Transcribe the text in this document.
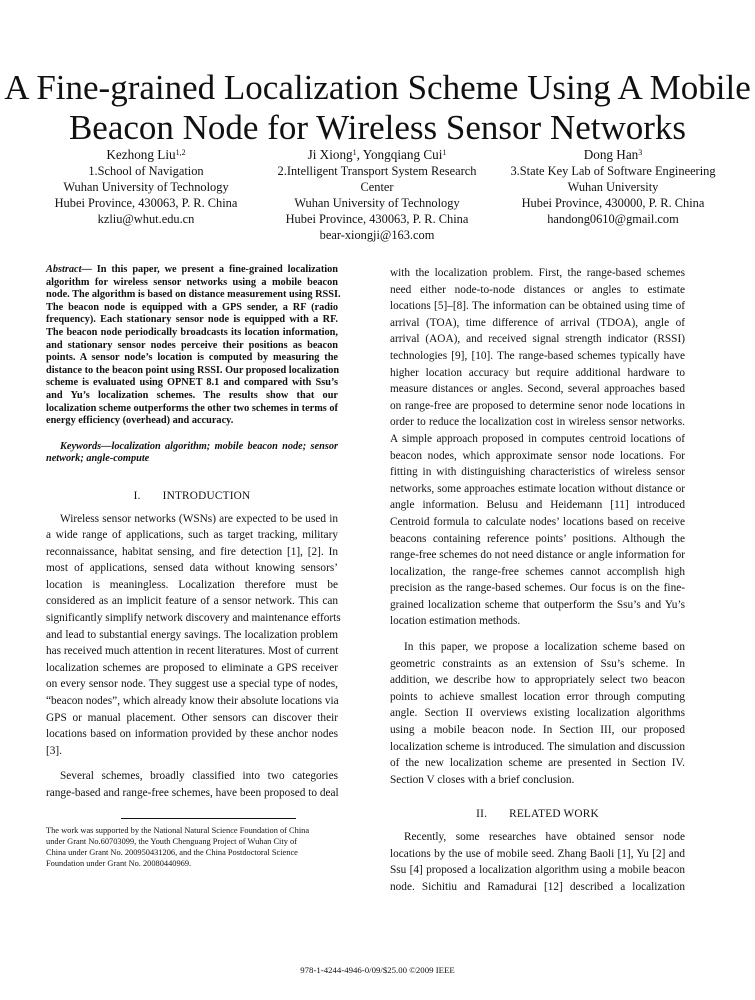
A Fine-grained Localization Scheme Using A Mobile
Beacon Node for Wireless Sensor Networks
Kezhong Liu$^{1,2}$
1.School of Navigation
Wuhan University of Technology
Hubei Province, 430063, P. R. China
kzliu@whut.edu.cn
Ji Xiong$^1$, Yongqiang Cui$^1$
2.Intelligent Transport System Research
Center
Wuhan University of Technology
Hubei Province, 430063, P. R. China
bear-xiongji@163.com
Dong Han$^3$
3.State Key Lab of Software Engineering
Wuhan University
Hubei Province, 430000, P. R. China
handong0610@gmail.com
Abstract— In this paper, we present a fine-grained localization
algorithm for wireless sensor networks using a mobile beacon
node. The algorithm is based on distance measurement using RSSI.
The beacon node is equipped with a GPS sender, a RF (radio
frequency). Each stationary sensor node is equipped with a RF.
The beacon node periodically broadcasts its location information,
and stationary sensor nodes perceive their positions as beacon
points. A sensor node’s location is computed by measuring the
distance to the beacon point using RSSI. Our proposed localization
scheme is evaluated using OPNET 8.1 and compared with Ssu’s
and Yu’s localization schemes. The results show that our
localization scheme outperforms the other two schemes in terms of
energy efficiency (overhead) and accuracy.
Keywords—localization algorithm; mobile beacon node; sensor
network; angle-compute
I. INTRODUCTION
Wireless sensor networks (WSNs) are expected to be used in
a wide range of applications, such as target tracking, military
reconnaissance, habitat sensing, and fire detection [1], [2]. In
most of applications, sensed data without knowing sensors’
location is meaningless. Localization therefore must be
considered as an implicit feature of a sensor network. This can
significantly simplify network discovery and maintenance efforts
and lead to substantial energy savings. The localization problem
has received much attention in recent literatures. Most of current
localization schemes are proposed to eliminate a GPS receiver
on every sensor node. They suggest use a special type of nodes,
“beacon nodes”, which already know their absolute locations via
GPS or manual placement. Other sensors can discover their
locations based on information provided by these anchor nodes
[3].
Several schemes, broadly classified into two categories
range-based and range-free schemes, have been proposed to deal
The work was supported by the National Natural Science Foundation of China
under Grant No.60703099, the Youth Chenguang Project of Wuhan City of
China under Grant No. 200950431206, and the China Postdoctoral Science
Foundation under Grant No. 20080440969.
with the localization problem. First, the range-based schemes
need either node-to-node distances or angles to estimate
locations [5]–[8]. The information can be obtained using time of
arrival (TOA), time difference of arrival (TDOA), angle of
arrival (AOA), and received signal strength indicator (RSSI)
technologies [9], [10]. The range-based schemes typically have
higher location accuracy but require additional hardware to
measure distances or angles. Second, several approaches based
on range-free are proposed to determine senor node locations in
order to reduce the localization cost in wireless sensor networks.
A simple approach proposed in computes centroid locations of
beacon nodes, which approximate sensor node locations. For
fitting in with distinguishing characteristics of wireless sensor
networks, some approaches estimate location without distance or
angle information. Belusu and Heidemann [11] introduced
Centroid formula to calculate nodes’ locations based on receive
beacons containing reference points’ positions. Although the
range-free schemes do not need distance or angle information for
localization, the range-free schemes cannot accomplish high
precision as the range-based schemes. Our focus is on the fine-
grained localization scheme that outperform the Ssu’s and Yu’s
location estimation methods.
In this paper, we propose a localization scheme based on
geometric constraints as an extension of Ssu’s scheme. In
addition, we describe how to appropriately select two beacon
points to achieve smallest location error through computing
angle. Section II overviews existing localization algorithms
using a mobile beacon node. In Section III, our proposed
localization scheme is introduced. The simulation and discussion
of the new localization scheme are presented in Section IV.
Section V closes with a brief conclusion.
II. RELATED WORK
Recently, some researches have obtained sensor node
locations by the use of mobile seed. Zhang Baoli [1], Yu [2] and
Ssu [4] proposed a localization algorithm using a mobile beacon
node. Sichitiu and Ramadurai [12] described a localization
978-1-4244-4946-0/09/$25.00 ©2009 IEEE
